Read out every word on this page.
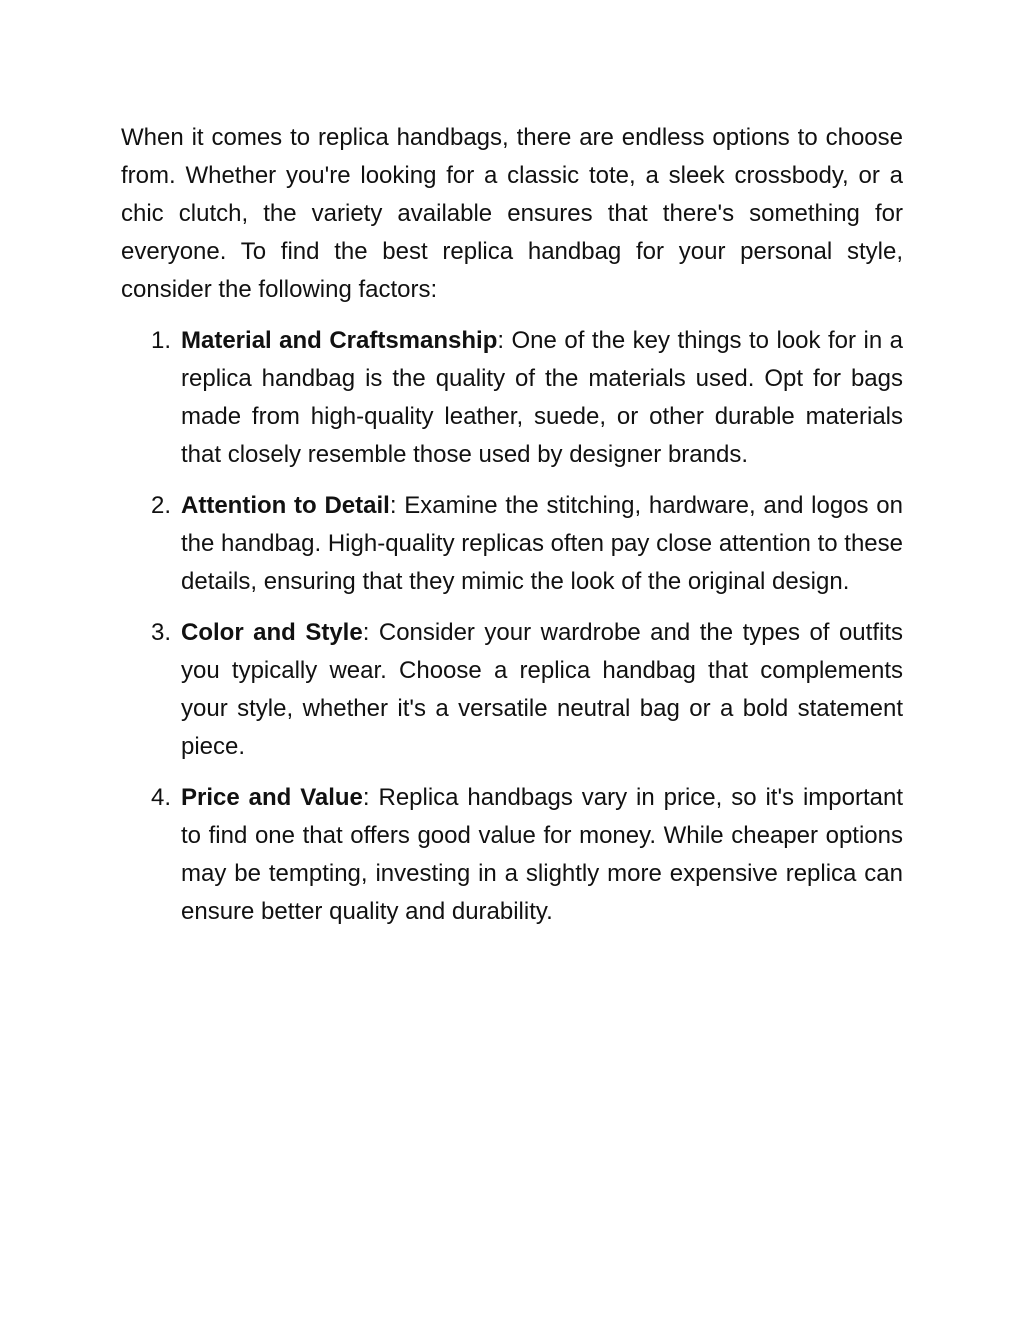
When it comes to replica handbags, there are endless options to choose from. Whether you're looking for a classic tote, a sleek crossbody, or a chic clutch, the variety available ensures that there's something for everyone. To find the best replica handbag for your personal style, consider the following factors:

1. Material and Craftsmanship: One of the key things to look for in a replica handbag is the quality of the materials used. Opt for bags made from high-quality leather, suede, or other durable materials that closely resemble those used by designer brands.
2. Attention to Detail: Examine the stitching, hardware, and logos on the handbag. High-quality replicas often pay close attention to these details, ensuring that they mimic the look of the original design.
3. Color and Style: Consider your wardrobe and the types of outfits you typically wear. Choose a replica handbag that complements your style, whether it's a versatile neutral bag or a bold statement piece.
4. Price and Value: Replica handbags vary in price, so it's important to find one that offers good value for money. While cheaper options may be tempting, investing in a slightly more expensive replica can ensure better quality and durability.
